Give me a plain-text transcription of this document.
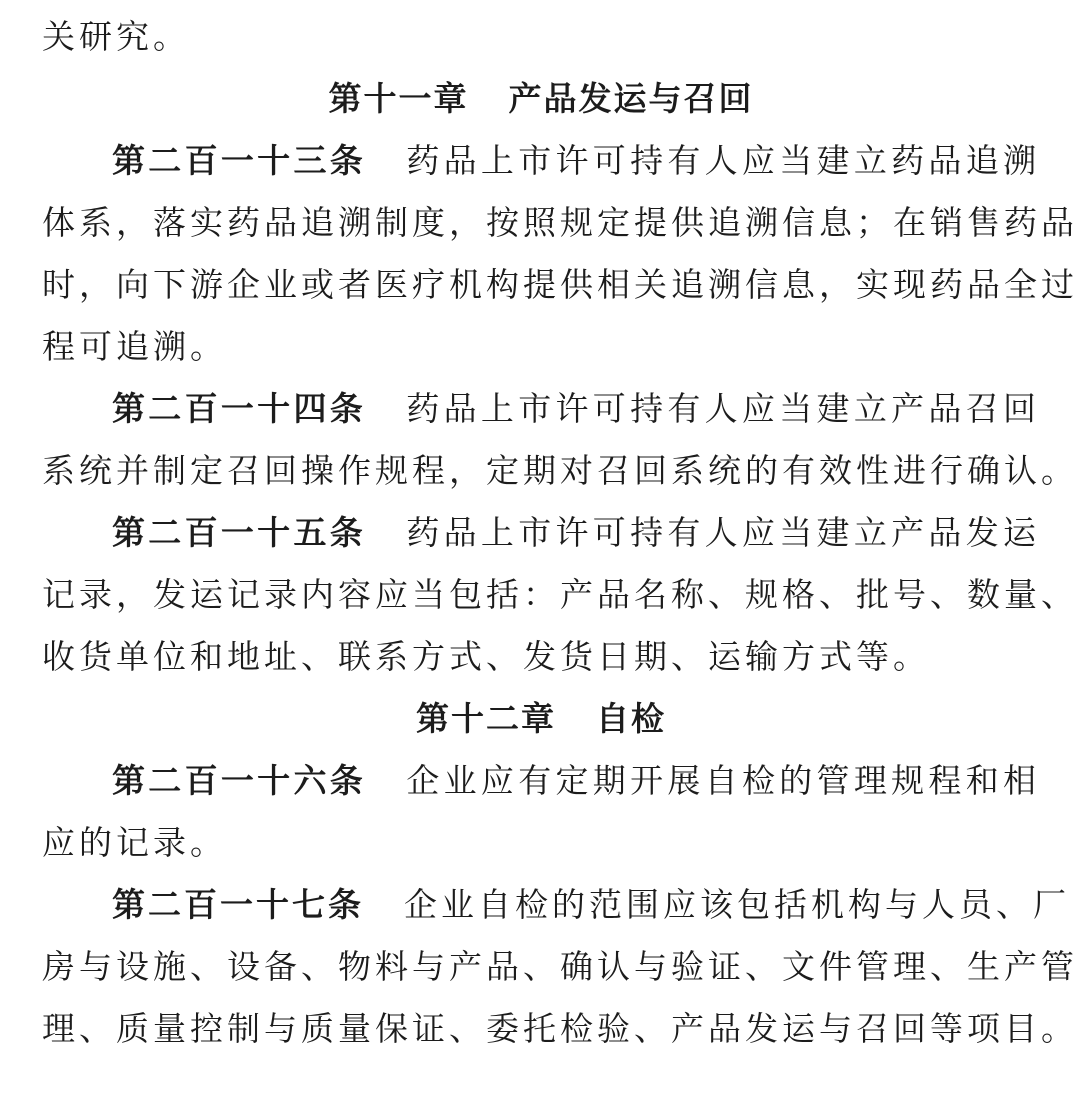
关研究。
第十一章 产品发运与召回
第二百一十三条 药品上市许可持有人应当建立药品追溯
体系，落实药品追溯制度，按照规定提供追溯信息；在销售药品
时，向下游企业或者医疗机构提供相关追溯信息，实现药品全过
程可追溯。
第二百一十四条 药品上市许可持有人应当建立产品召回
系统并制定召回操作规程，定期对召回系统的有效性进行确认。
第二百一十五条 药品上市许可持有人应当建立产品发运
记录，发运记录内容应当包括：产品名称、规格、批号、数量、
收货单位和地址、联系方式、发货日期、运输方式等。
第十二章 自检
第二百一十六条 企业应有定期开展自检的管理规程和相
应的记录。
第二百一十七条 企业自检的范围应该包括机构与人员、厂
房与设施、设备、物料与产品、确认与验证、文件管理、生产管
理、质量控制与质量保证、委托检验、产品发运与召回等项目。
